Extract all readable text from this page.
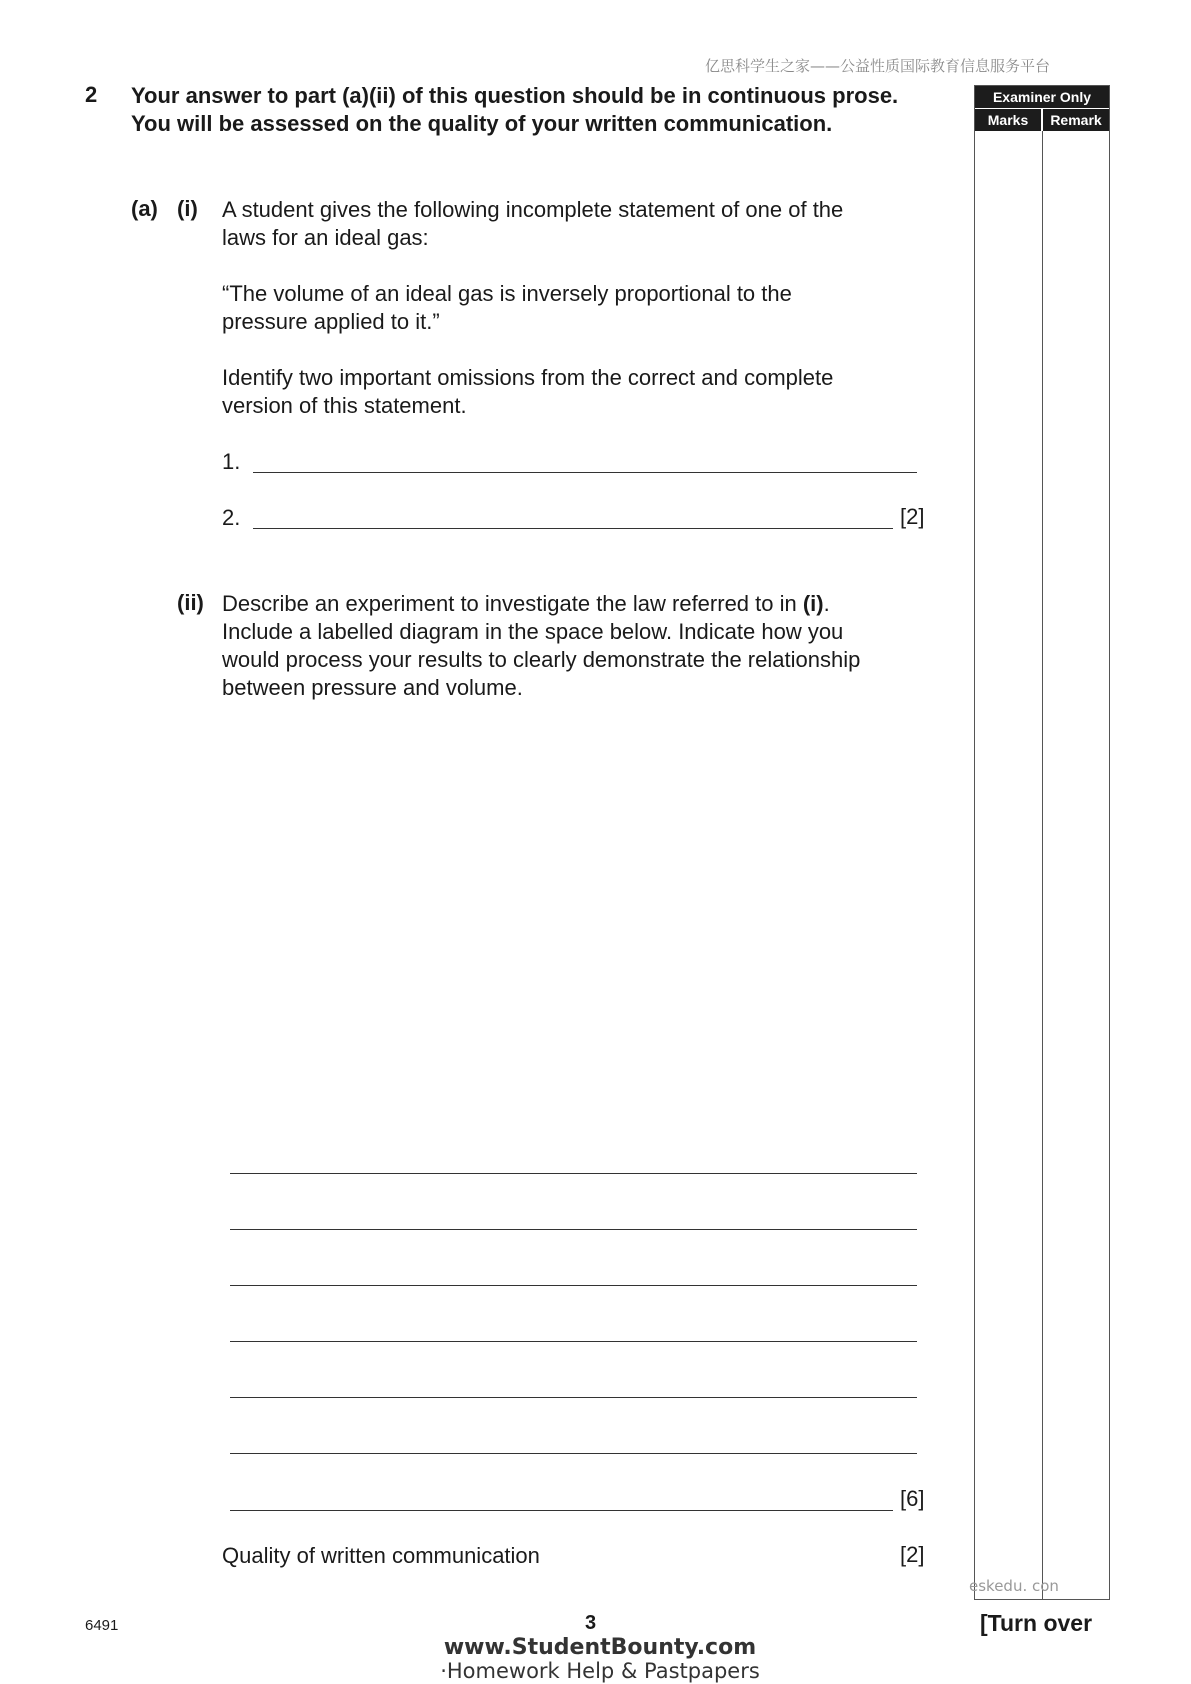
亿思科学生之家——公益性质国际教育信息服务平台
2 Your answer to part (a)(ii) of this question should be in continuous prose. You will be assessed on the quality of your written communication.
(a) (i) A student gives the following incomplete statement of one of the
laws for an ideal gas:
“The volume of an ideal gas is inversely proportional to the
pressure applied to it.”
Identify two important omissions from the correct and complete
version of this statement.
1.
2.	[2]
(ii) Describe an experiment to investigate the law referred to in (i).
Include a labelled diagram in the space below. Indicate how you
would process your results to clearly demonstrate the relationship
between pressure and volume.
[6]
Quality of written communication	[2]
Examiner Only
Marks	Remark
eskedu. con
6491	3	[Turn over
www.StudentBounty.com
·Homework Help & Pastpapers
